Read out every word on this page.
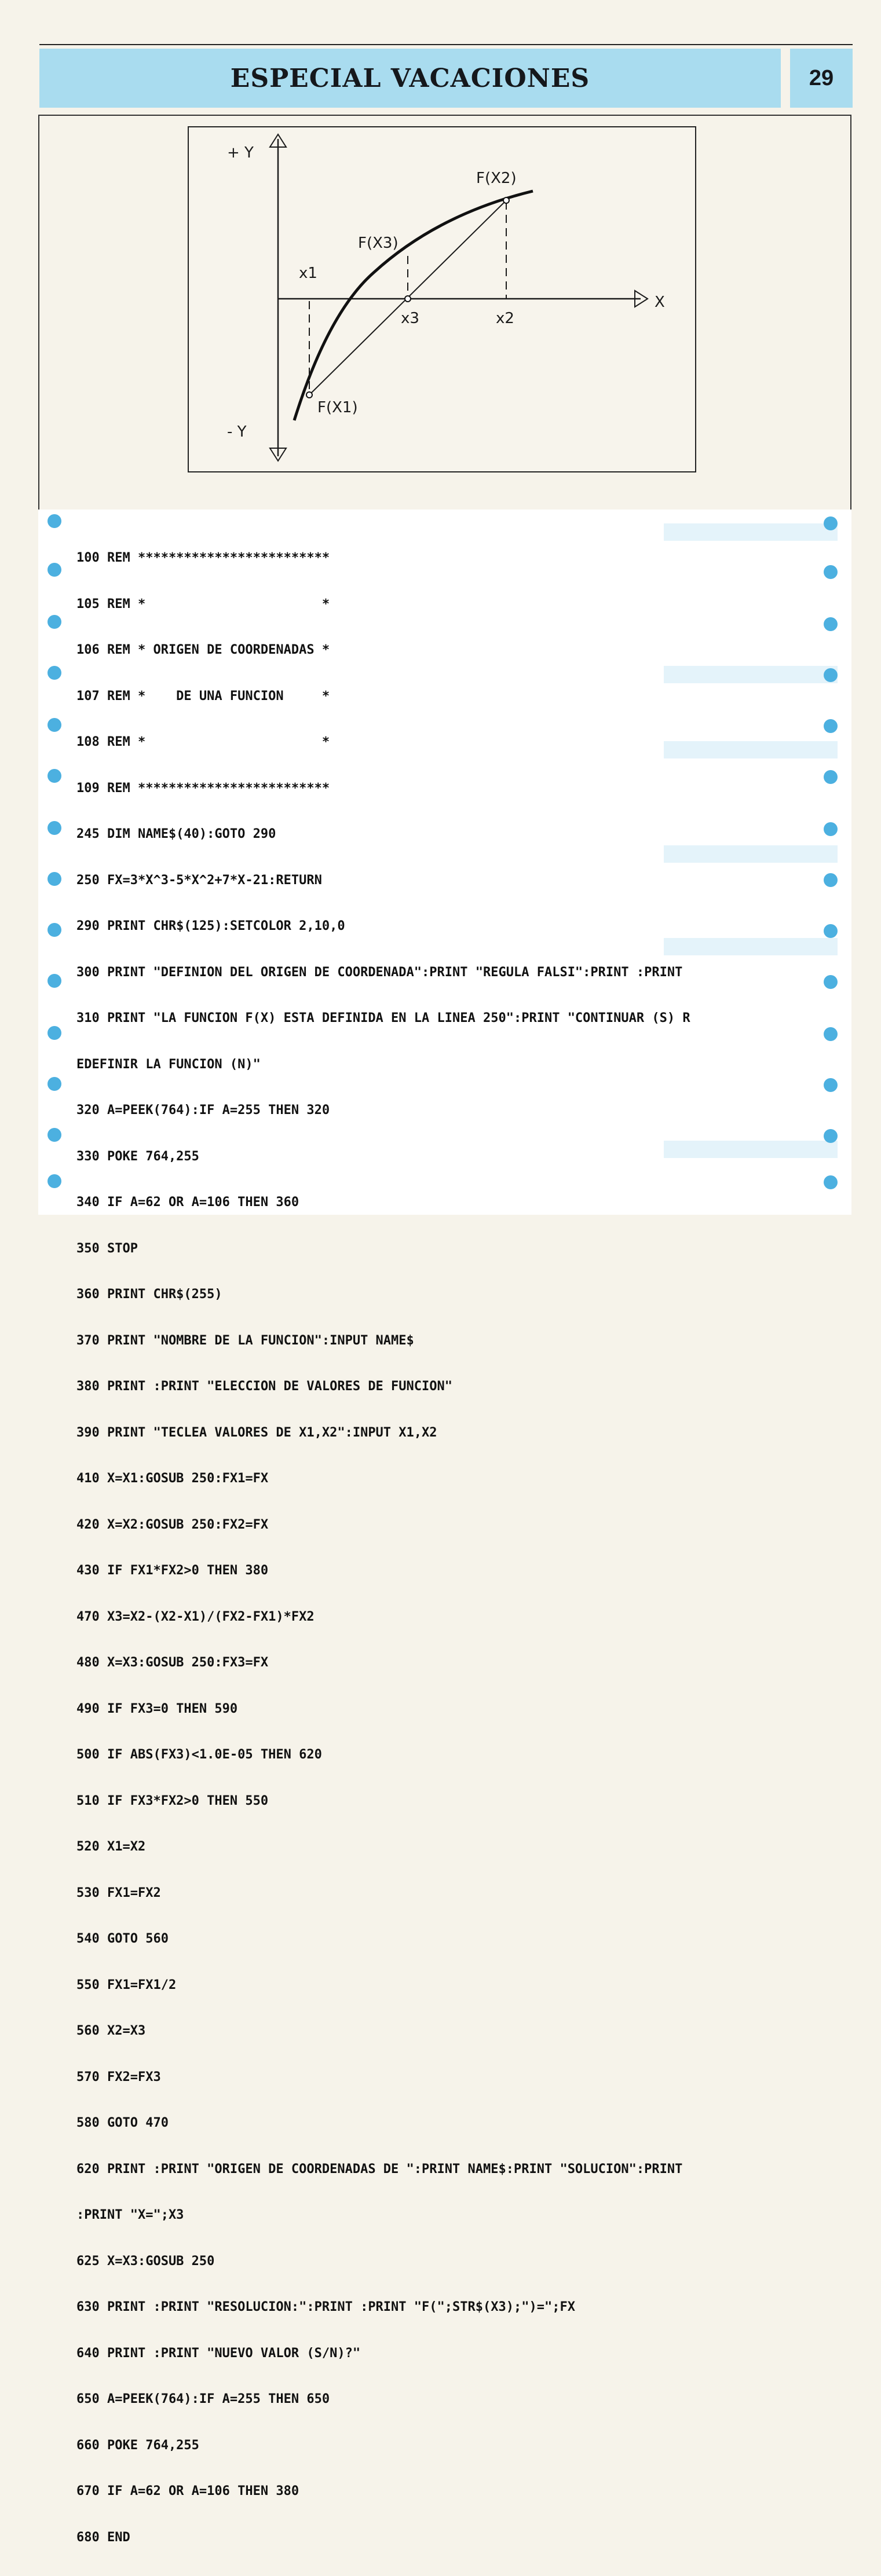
ESPECIAL VACACIONES	29
+ Y
- Y
X
x1
x3	x2
F(X3)
F(X2)
F(X1)

100 REM *************************

105 REM *                       *

106 REM * ORIGEN DE COORDENADAS *

107 REM *    DE UNA FUNCION     *

108 REM *                       *

109 REM *************************

245 DIM NAME$(40):GOTO 290

250 FX=3*X^3-5*X^2+7*X-21:RETURN

290 PRINT CHR$(125):SETCOLOR 2,10,0

300 PRINT "DEFINION DEL ORIGEN DE COORDENADA":PRINT "REGULA FALSI":PRINT :PRINT

310 PRINT "LA FUNCION F(X) ESTA DEFINIDA EN LA LINEA 250":PRINT "CONTINUAR (S) R

EDEFINIR LA FUNCION (N)"

320 A=PEEK(764):IF A=255 THEN 320

330 POKE 764,255

340 IF A=62 OR A=106 THEN 360

350 STOP

360 PRINT CHR$(255)

370 PRINT "NOMBRE DE LA FUNCION":INPUT NAME$

380 PRINT :PRINT "ELECCION DE VALORES DE FUNCION"

390 PRINT "TECLEA VALORES DE X1,X2":INPUT X1,X2

410 X=X1:GOSUB 250:FX1=FX

420 X=X2:GOSUB 250:FX2=FX

430 IF FX1*FX2>0 THEN 380

470 X3=X2-(X2-X1)/(FX2-FX1)*FX2

480 X=X3:GOSUB 250:FX3=FX

490 IF FX3=0 THEN 590

500 IF ABS(FX3)<1.0E-05 THEN 620

510 IF FX3*FX2>0 THEN 550

520 X1=X2

530 FX1=FX2

540 GOTO 560

550 FX1=FX1/2

560 X2=X3

570 FX2=FX3

580 GOTO 470

620 PRINT :PRINT "ORIGEN DE COORDENADAS DE ":PRINT NAME$:PRINT "SOLUCION":PRINT

:PRINT "X=";X3

625 X=X3:GOSUB 250

630 PRINT :PRINT "RESOLUCION:":PRINT :PRINT "F(";STR$(X3);")=";FX

640 PRINT :PRINT "NUEVO VALOR (S/N)?"

650 A=PEEK(764):IF A=255 THEN 650

660 POKE 764,255

670 IF A=62 OR A=106 THEN 380

680 END
